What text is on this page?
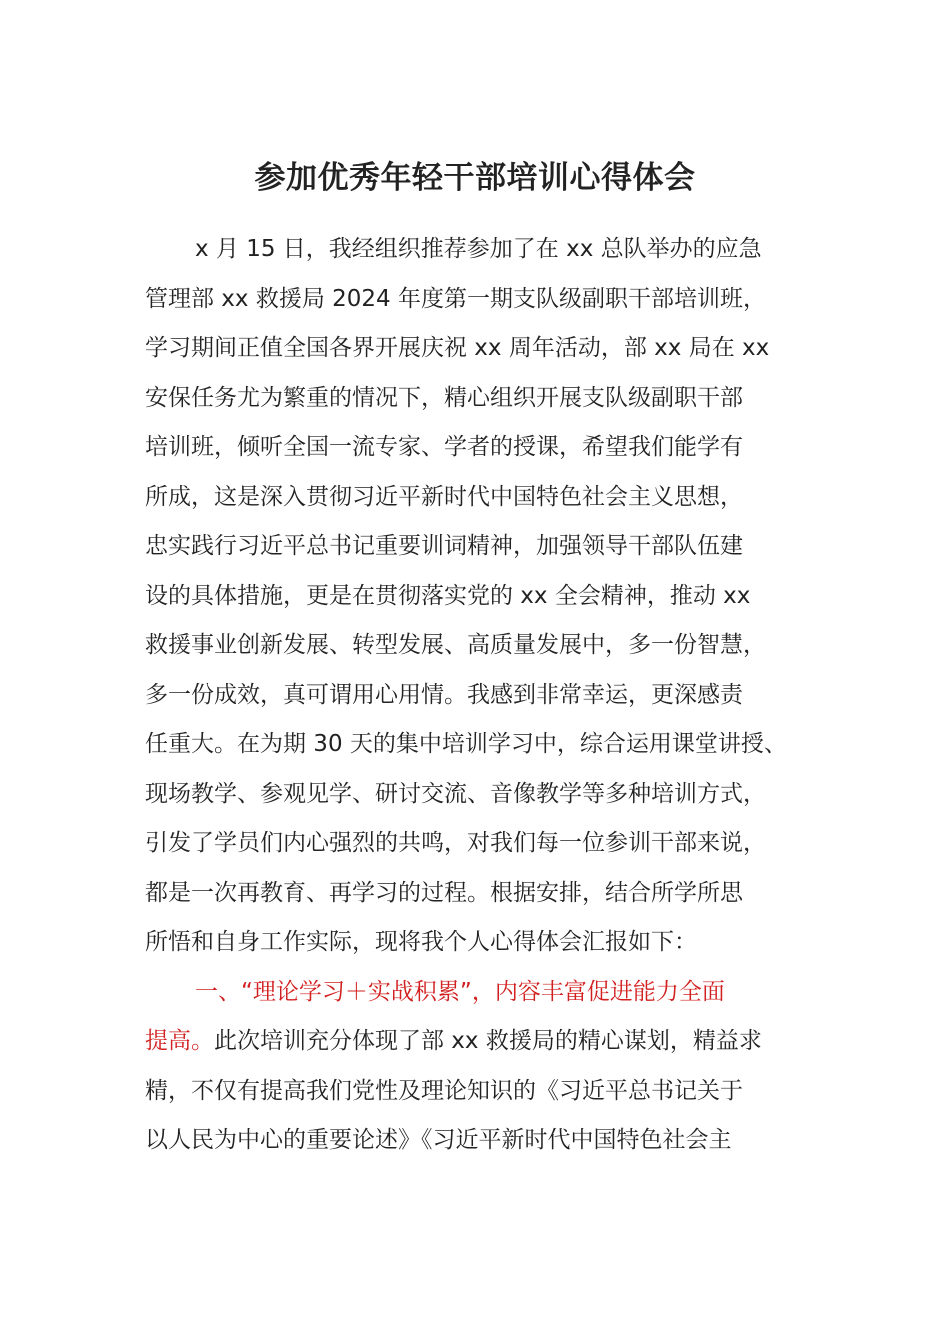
参加优秀年轻干部培训心得体会
x 月 15 日，我经组织推荐参加了在 xx 总队举办的应急
管理部 xx 救援局 2024 年度第一期支队级副职干部培训班，
学习期间正值全国各界开展庆祝 xx 周年活动，部 xx 局在 xx
安保任务尤为繁重的情况下，精心组织开展支队级副职干部
培训班，倾听全国一流专家、学者的授课，希望我们能学有
所成，这是深入贯彻习近平新时代中国特色社会主义思想，
忠实践行习近平总书记重要训词精神，加强领导干部队伍建
设的具体措施，更是在贯彻落实党的 xx 全会精神，推动 xx
救援事业创新发展、转型发展、高质量发展中，多一份智慧，
多一份成效，真可谓用心用情。我感到非常幸运，更深感责
任重大。在为期 30 天的集中培训学习中，综合运用课堂讲授、
现场教学、参观见学、研讨交流、音像教学等多种培训方式，
引发了学员们内心强烈的共鸣，对我们每一位参训干部来说，
都是一次再教育、再学习的过程。根据安排，结合所学所思
所悟和自身工作实际，现将我个人心得体会汇报如下：
一、“理论学习＋实战积累”，内容丰富促进能力全面
提高。此次培训充分体现了部 xx 救援局的精心谋划，精益求
精，不仅有提高我们党性及理论知识的《习近平总书记关于
以人民为中心的重要论述》《习近平新时代中国特色社会主
